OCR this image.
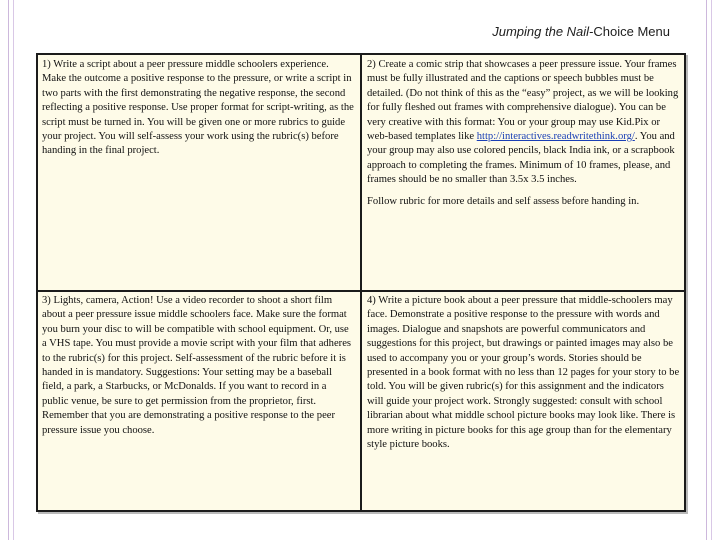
Jumping the Nail-Choice Menu

1) Write a script about a peer pressure middle schoolers experience. Make the outcome a positive response to the pressure, or write a script in two parts with the first demonstrating the negative response, the second reflecting a positive response. Use proper format for script-writing, as the script must be turned in. You will be given one or more rubrics to guide your project. You will self-assess your work using the rubric(s) before handing in the final project.

2) Create a comic strip that showcases a peer pressure issue. Your frames must be fully illustrated and the captions or speech bubbles must be detailed. (Do not think of this as the “easy” project, as we will be looking for fully fleshed out frames with comprehensive dialogue). You can be very creative with this format: You or your group may use Kid.Pix or web-based templates like http://interactives.readwritethink.org/. You and your group may also use colored pencils, black India ink, or a scrapbook approach to completing the frames. Minimum of 10 frames, please, and frames should be no smaller than 3.5x 3.5 inches.

Follow rubric for more details and self assess before handing in.

3) Lights, camera, Action! Use a video recorder to shoot a short film about a peer pressure issue middle schoolers face. Make sure the format you burn your disc to will be compatible with school equipment. Or, use a VHS tape. You must provide a movie script with your film that adheres to the rubric(s) for this project. Self-assessment of the rubric before it is handed in is mandatory. Suggestions: Your setting may be a baseball field, a park, a Starbucks, or McDonalds. If you want to record in a public venue, be sure to get permission from the proprietor, first. Remember that you are demonstrating a positive response to the peer pressure issue you choose.

4) Write a picture book about a peer pressure that middle-schoolers may face. Demonstrate a positive response to the pressure with words and images. Dialogue and snapshots are powerful communicators and suggestions for this project, but drawings or painted images may also be used to accompany you or your group’s words. Stories should be presented in a book format with no less than 12 pages for your story to be told. You will be given rubric(s) for this assignment and the indicators will guide your project work. Strongly suggested: consult with school librarian about what middle school picture books may look like. There is more writing in picture books for this age group than for the elementary style picture books.
